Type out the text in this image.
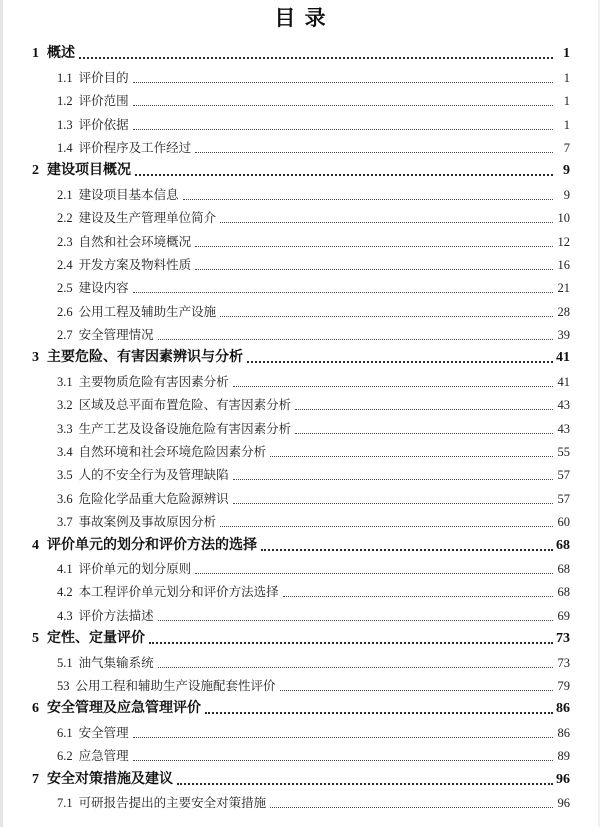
目 录
1 概述	1
1.1 评价目的	1
1.2 评价范围	1
1.3 评价依据	1
1.4 评价程序及工作经过	7
2 建设项目概况	9
2.1 建设项目基本信息	9
2.2 建设及生产管理单位简介	10
2.3 自然和社会环境概况	12
2.4 开发方案及物料性质	16
2.5 建设内容	21
2.6 公用工程及辅助生产设施	28
2.7 安全管理情况	39
3 主要危险、有害因素辨识与分析	41
3.1 主要物质危险有害因素分析	41
3.2 区域及总平面布置危险、有害因素分析	43
3.3 生产工艺及设备设施危险有害因素分析	43
3.4 自然环境和社会环境危险因素分析	55
3.5 人的不安全行为及管理缺陷	57
3.6 危险化学品重大危险源辨识	57
3.7 事故案例及事故原因分析	60
4 评价单元的划分和评价方法的选择	68
4.1 评价单元的划分原则	68
4.2 本工程评价单元划分和评价方法选择	68
4.3 评价方法描述	69
5 定性、定量评价	73
5.1 油气集输系统	73
53 公用工程和辅助生产设施配套性评价	79
6 安全管理及应急管理评价	86
6.1 安全管理	86
6.2 应急管理	89
7 安全对策措施及建议	96
7.1 可研报告提出的主要安全对策措施	96
